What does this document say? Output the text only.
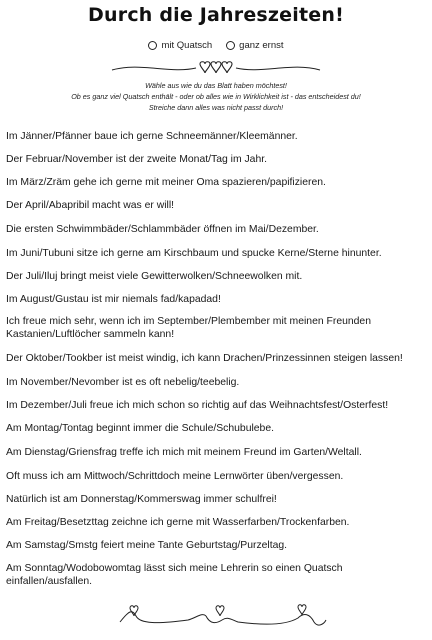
Durch die Jahreszeiten!
mit Quatsch	ganz ernst
Wähle aus wie du das Blatt haben möchtest!
Ob es ganz viel Quatsch enthält - oder ob alles wie in Wirklichkeit ist - das entscheidest du!
Streiche dann alles was nicht passt durch!
Im Jänner/Pfänner baue ich gerne Schneemänner/Kleemänner.
Der Februar/November ist der zweite Monat/Tag im Jahr.
Im März/Zräm gehe ich gerne mit meiner Oma spazieren/papifizieren.
Der April/Abapribil macht was er will!
Die ersten Schwimmbäder/Schlammbäder öffnen im Mai/Dezember.
Im Juni/Tubuni sitze ich gerne am Kirschbaum und spucke Kerne/Sterne hinunter.
Der Juli/Iluj bringt meist viele Gewitterwolken/Schneewolken mit.
Im August/Gustau ist mir niemals fad/kapadad!
Ich freue mich sehr, wenn ich im September/Plembember mit meinen Freunden Kastanien/Luftlöcher sammeln kann!
Der Oktober/Tookber ist meist windig, ich kann Drachen/Prinzessinnen steigen lassen!
Im November/Nevomber ist es oft nebelig/teebelig.
Im Dezember/Juli freue ich mich schon so richtig auf das Weihnachtsfest/Osterfest!
Am Montag/Tontag beginnt immer die Schule/Schubulebe.
Am Dienstag/Griensfrag treffe ich mich mit meinem Freund im Garten/Weltall.
Oft muss ich am Mittwoch/Schrittdoch meine Lernwörter üben/vergessen.
Natürlich ist am Donnerstag/Kommerswag immer schulfrei!
Am Freitag/Besetzttag zeichne ich gerne mit Wasserfarben/Trockenfarben.
Am Samstag/Smstg feiert meine Tante Geburtstag/Purzeltag.
Am Sonntag/Wodobowomtag lässt sich meine Lehrerin so einen Quatsch einfallen/ausfallen.
